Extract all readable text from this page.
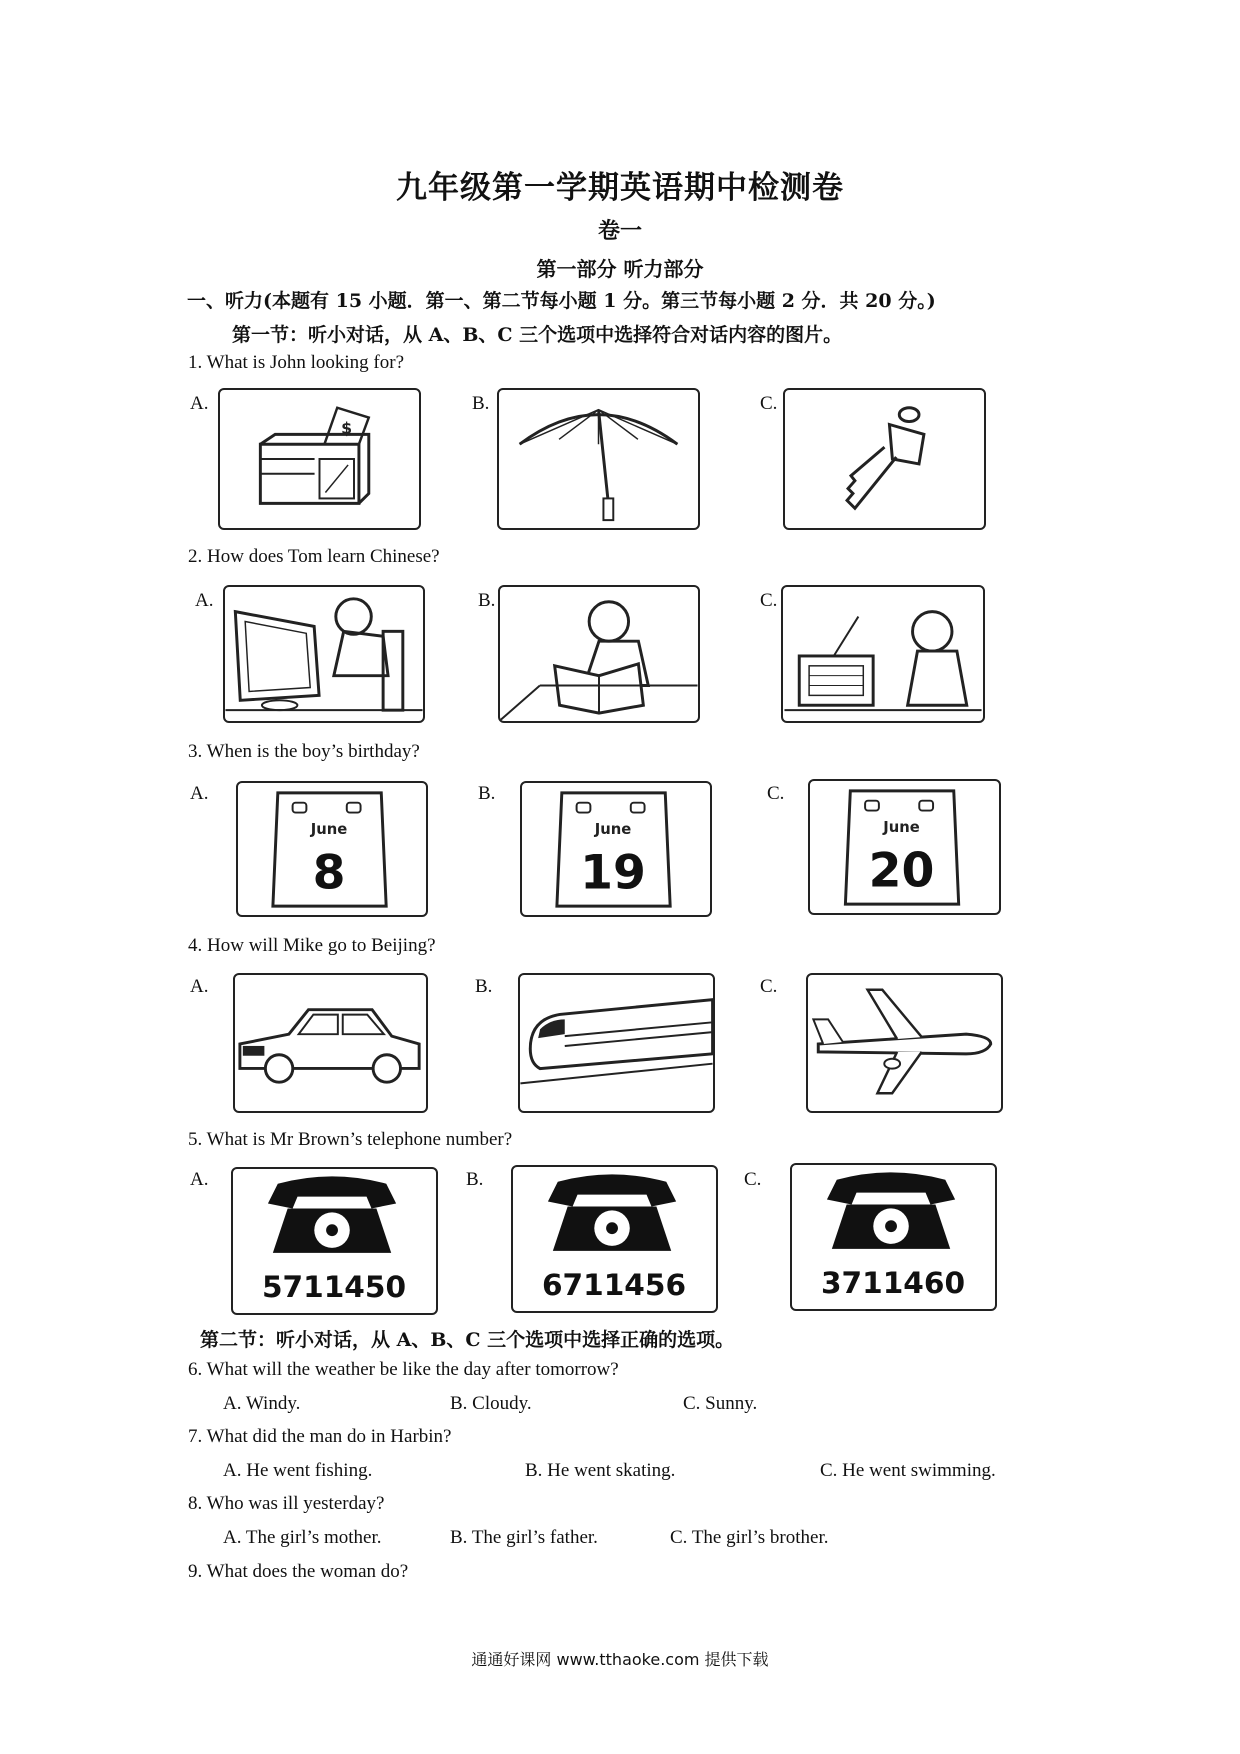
九年级第一学期英语期中检测卷
卷一
第一部分 听力部分
一、听力(本题有 15 小题．第一、第二节每小题 1 分。第三节每小题 2 分．共 20 分。)
第一节：听小对话，从 A、B、C 三个选项中选择符合对话内容的图片。
1. What is John looking for?
A.	B.	C.
$
2. How does Tom learn Chinese?
A.	B.	C.
3. When is the boy’s birthday?
A.	B.	C.
June
8
June
19
June
20
4. How will Mike go to Beijing?
A.	B.	C.
5. What is Mr Brown’s telephone number?
A.	B.	C.
5711450	6711456	3711460
第二节：听小对话，从 A、B、C 三个选项中选择正确的选项。
6. What will the weather be like the day after tomorrow?
A. Windy.	B. Cloudy.	C. Sunny.
7. What did the man do in Harbin?
A. He went fishing.	B. He went skating.	C. He went swimming.
8. Who was ill yesterday?
A. The girl’s mother.	B. The girl’s father.	C. The girl’s brother.
9. What does the woman do?
通通好课网 www.tthaoke.com 提供下载
